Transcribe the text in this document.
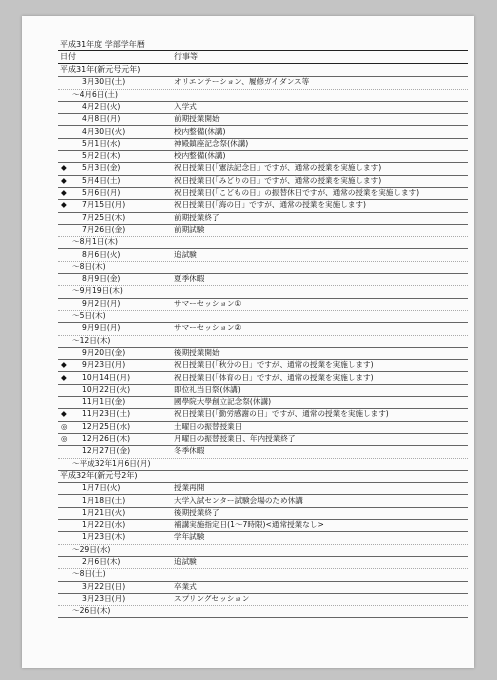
平成31年度 学部学年暦
日付	行事等
平成31年(新元号元年)
3月30日(土)	オリエンテーション、履修ガイダンス等
〜4月6日(土)
4月2日(火)	入学式
4月8日(月)	前期授業開始
4月30日(火)	校内整備(休講)
5月1日(水)	神殿鎮座記念祭(休講)
5月2日(木)	校内整備(休講)
◆	5月3日(金)	祝日授業日(「憲法記念日」ですが、通常の授業を実施します)
◆	5月4日(土)	祝日授業日(「みどりの日」ですが、通常の授業を実施します)
◆	5月6日(月)	祝日授業日(「こどもの日」の振替休日ですが、通常の授業を実施します)
◆	7月15日(月)	祝日授業日(「海の日」ですが、通常の授業を実施します)
7月25日(木)	前期授業終了
7月26日(金)	前期試験
〜8月1日(木)
8月6日(火)	追試験
〜8日(木)
8月9日(金)	夏季休暇
〜9月19日(木)
9月2日(月)	サマーセッション①
〜5日(木)
9月9日(月)	サマーセッション②
〜12日(木)
9月20日(金)	後期授業開始
◆	9月23日(月)	祝日授業日(「秋分の日」ですが、通常の授業を実施します)
◆	10月14日(月)	祝日授業日(「体育の日」ですが、通常の授業を実施します)
10月22日(火)	即位礼当日祭(休講)
11月1日(金)	國學院大學創立記念祭(休講)
◆	11月23日(土)	祝日授業日(「勤労感謝の日」ですが、通常の授業を実施します)
◎	12月25日(水)	土曜日の振替授業日
◎	12月26日(木)	月曜日の振替授業日、年内授業終了
12月27日(金)	冬季休暇
〜平成32年1月6日(月)
平成32年(新元号2年)
1月7日(火)	授業再開
1月18日(土)	大学入試センター試験会場のため休講
1月21日(火)	後期授業終了
1月22日(水)	補講実施指定日(1〜7時限)<通常授業なし>
1月23日(木)	学年試験
〜29日(水)
2月6日(木)	追試験
〜8日(土)
3月22日(日)	卒業式
3月23日(月)	スプリングセッション
〜26日(木)
